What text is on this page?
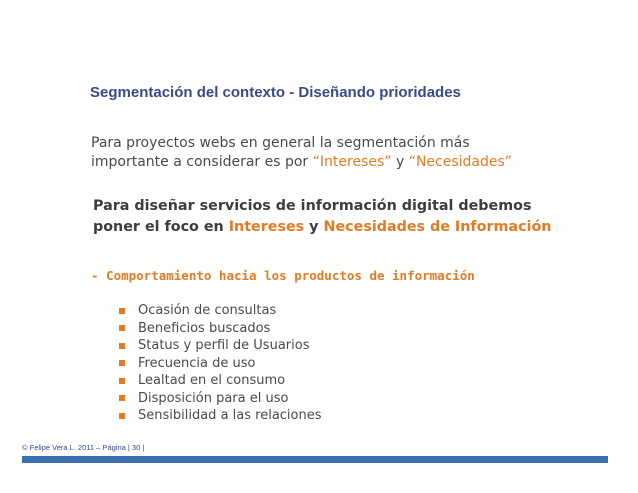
Segmentación del contexto - Diseñando prioridades
Para proyectos webs en general la segmentación más
importante a considerar es por “Intereses” y “Necesidades”
Para diseñar servicios de información digital debemos
poner el foco en Intereses y Necesidades de Información
- Comportamiento hacia los productos de información
Ocasión de consultas
Beneficios buscados
Status y perfil de Usuarios
Frecuencia de uso
Lealtad en el consumo
Disposición para el uso
Sensibilidad a las relaciones
© Felipe Vera L. 2011 – Página | 30 |
